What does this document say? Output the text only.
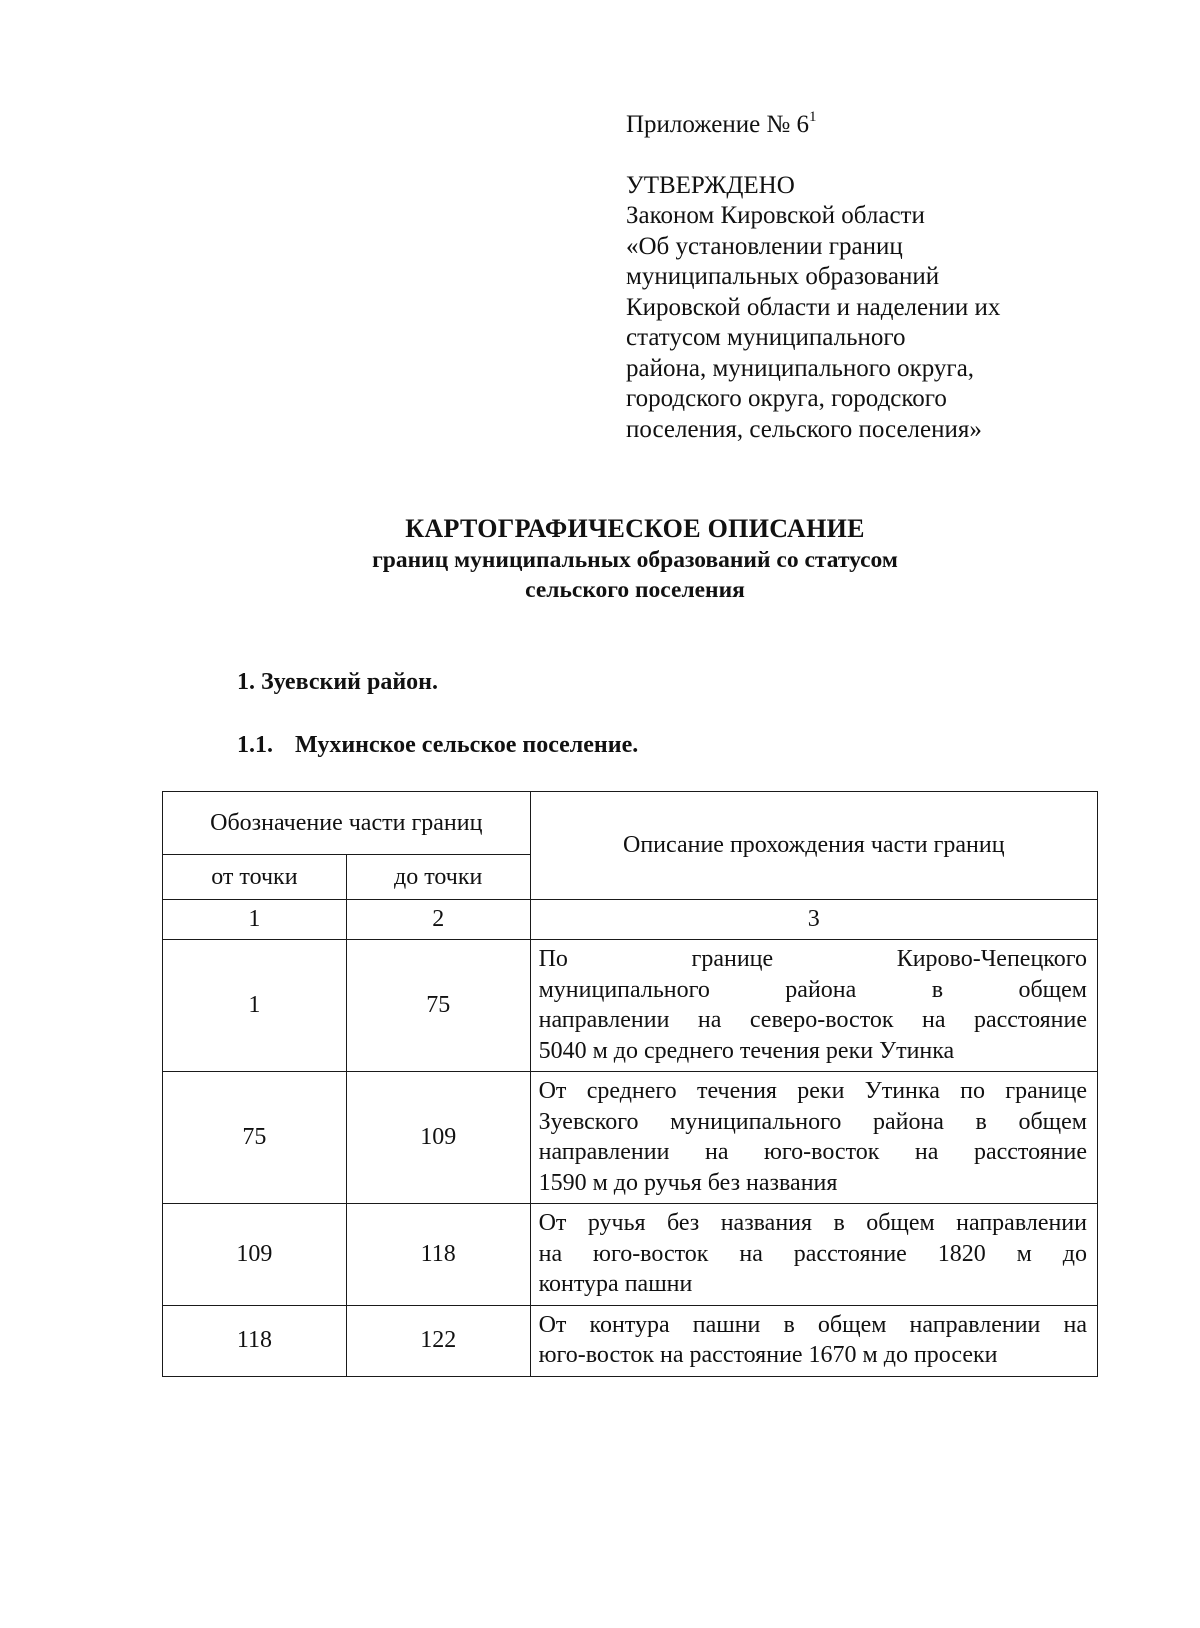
Приложение № $6^1$

УТВЕРЖДЕНО

Законом Кировской области

«Об установлении границ

муниципальных образований

Кировской области и наделении их

статусом муниципального

района, муниципального округа,

городского округа, городского

поселения, сельского поселения»

КАРТОГРАФИЧЕСКОЕ ОПИСАНИЕ
границ муниципальных образований со статусом
сельского поселения
1. Зуевский район.
1.1. Мухинское сельское поселение.
Обозначение части границ		Описание прохождения части границ
от точки	до точки	
1	2	3
1	75	По границе Кирово-Чепецкого
муниципального района в общем
направлении на северо-восток на расстояние
5040 м до среднего течения реки Утинка

75	109	От среднего течения реки Утинка по границе
Зуевского муниципального района в общем
направлении на юго-восток на расстояние
1590 м до ручья без названия

109	118	От ручья без названия в общем направлении
на юго-восток на расстояние 1820 м до
контура пашни

118	122	От контура пашни в общем направлении на
юго-восток на расстояние 1670 м до просеки
